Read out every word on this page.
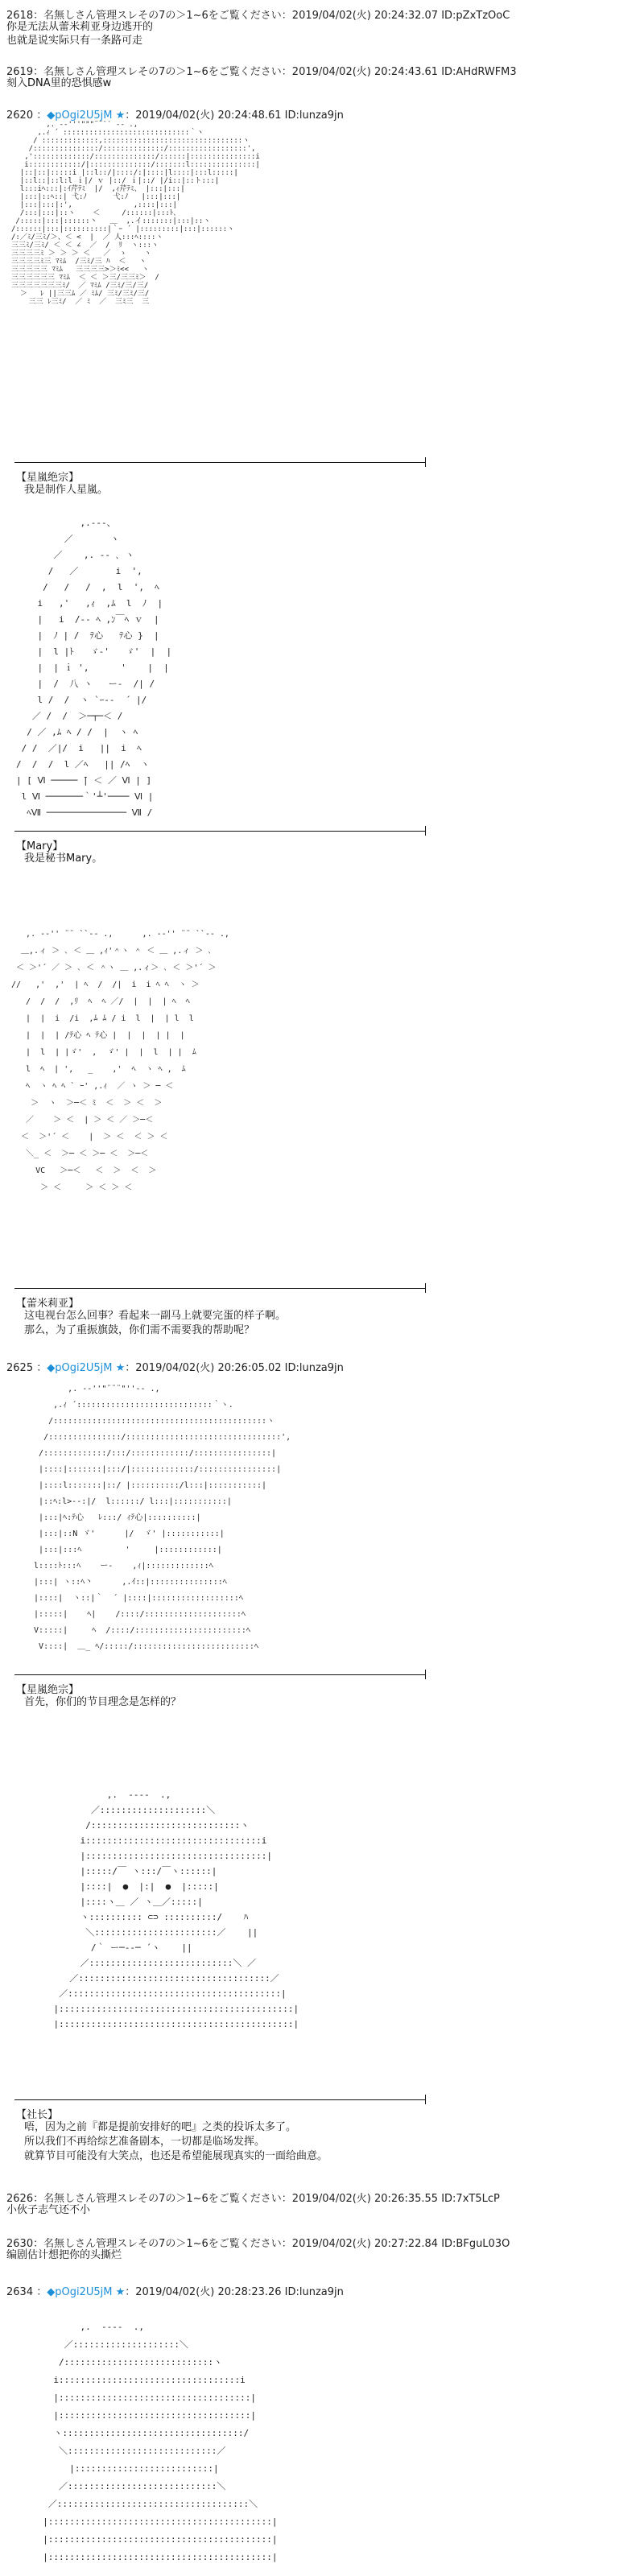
2618：名無しさん管理スレその7の＞1~6をご覧ください：2019/04/02(火) 20:24:32.07 ID:pZxTzOoC
你是无法从蕾米莉亚身边逃开的
也就是说实际只有一条路可走
2619：名無しさん管理スレその7の＞1~6をご覧ください：2019/04/02(火) 20:24:43.61 ID:AHdRWFM3
刻入DNA里的恐惧感w
2620 ：◆pOgi2U5jM ★：2019/04/02(火) 20:24:48.61 ID:lunza9jn
,. -‐'''"""¨¨`` ‐- .,
,.ｨ ´ :::::::::::::::::::::::::::::｀ヽ
/ :::::::::::::,::::::::::::::::::::::::::::::::ヽ
/:::::::::::::::/::::::::::::::/::::::::::::::::::',
,':::::::::::::/::::::::::::::/::::::|:::::::::::::::i
i::::::::::::/|::::::::::::::/:::::::l:::::::::::::::|
|::|::|:::::i |::l::/|::::/:|::::|l::::|:::l:::::|
|::l::|::l:l ｉ|/ ｖ |::/ ｉ|::/ |/i::|::ト:::|
l:::iﾍ:::|:ｲ芹ﾃﾐ  |/  ,ｨ芹ﾃﾐ、 |:::|:::|
|:::|::ﾍ::| 弋:ﾉ      弋:ﾉ   |:::|:::|
|:::|:::|:',              ,::::|:::|
/:::|:::|::ヽ    ＜     /::::::|:::ﾄ､
/:::::|:::|::::::丶   ＿  ,.イ:::::::|:::|::ヽ
/::::::|:::|::::::::::|｀ｰ ´ |:::::::::|:::|::::::ヽ
/:／ﾐ/三ﾐ/＞、＜ <  |  ／ 人:::ﾍ::::ヽ
三三ﾐ/三ﾐ/ ＜ ＜ ∠  ／  /  ﾘ  ヽ:::ヽ
三三三三ﾐ ＞ ＞ ＞ ＜   ／  ゝ    ヽ
三三三三ﾐ三 ﾏﾐﾑ  /三ﾐ/三 ﾊ  ＜   ヽ
三三三三三 ﾏﾐﾑ   三三三三>＞ﾐ<<   ヽ
三三三三三三 ﾏﾐﾑ  ＜ ＜ ＞三/三三ﾐ＞  /
三三三三三三三ﾐ/  ／ ﾏﾐﾑ /三ﾐ/三/三/
＞   ﾚ ||三三ﾑ ／ ﾐﾑ/ 三ﾐ/三ﾐ/三/
三三 ﾚ三ﾐ/  ／ ﾐ  ／  三ﾐ三  三
【星嵐绝宗】
我是制作人星嵐。
,.-‐-、
／       ヽ
／    ,. -‐ ､ ヽ
/   ／       i  ',
/   /   /  ,  l  ',  ﾍ
i   ,'   ,ｨ  ,ﾑ  l  ﾉ  |
|   i  /-‐ ﾍ ,ﾝ￣ﾍ ｖ  |
|  ﾉ | /  ﾃ心   ﾃ心 }  |
|  l |ﾄ   ゞ-'   ゞ'  |  |
|  | ｉ ',      '    |  |
|  /  八 ヽ   ー-  /| /
l /  /  ヽ `ｰ-‐  ´ |/
／ /  /  ＞─┬─＜ /
/ ／ ,ﾑ ﾍ / /  |  ヽ ﾍ
/ /  ／|/  i   ||  i  ﾍ
/  /  /  l ／ﾍ   || /ﾍ  ヽ
| [ Ⅵ ───── ̄| ＜ ／ Ⅵ | ]
l Ⅵ ───────｀'┴'──── Ⅵ |
ﾍⅦ ─────────────── Ⅶ /
【Mary】
我是秘书Mary。
,. -‐'' ¨¨ ``‐- .,      ,. -‐'' ¨¨ ``‐- .,
＿,.ィ ＞ ､ ＜ ＿ ,ｨ'＾ヽ ＾ ＜ ＿ ,.ィ ＞ ､
＜ ＞'´ ／ ＞ ､ ＜ ＾ヽ ＿ ,.ィ＞ ､ ＜ ＞'´ ＞
//   ,'  ,'  | ﾍ  /  /|  i  i ﾍ ﾍ  ヽ ＞
/  /  /  ,ﾘ  ﾍ  ﾍ ／/  |  |  | ﾍ  ﾍ
|  |  i  /i  ,ﾑ ﾑ / i  l  |  | l  l
|  |  | /ﾃ心 ﾍ ﾃ心 |  |  |  | |  |
|  l  | |ゞ'  ,  ゞ' |  |  l  | |  ﾑ
l  ﾍ  | ',   _    ,'  ﾍ  ヽ ﾍ ,  ﾑ
ﾍ  ヽ ﾍ ﾍ ` ｰ' ,.ｨ  ／ ヽ ＞ ─ ＜
＞  ヽ  ＞─＜ ﾐ  ＜  ＞ ＜  ＞
／    ＞ ＜  | ＞ ＜ ／ ＞─＜
＜  ＞'´ ＜    |  ＞ ＜  ＜ ＞ ＜
＼_ ＜  ＞─ ＜ ＞─ ＜  ＞─＜
VC   ＞─＜   ＜  ＞  ＜  ＞
＞ ＜     ＞ ＜ ＞ ＜
【蕾米莉亚】
这电视台怎么回事？看起来一副马上就要完蛋的样子啊。
那么，为了重振旗鼓，你们需不需要我的帮助呢？
2625 ：◆pOgi2U5jM ★：2019/04/02(火) 20:26:05.02 ID:lunza9jn
,. -‐''"¨¨¨"''‐- .,
,.ｨ ´::::::::::::::::::::::::::::｀ヽ.
/::::::::::::::::::::::::::::::::::::::::::::ヽ
/:::::::::::::::/::::::::::::::::::::::::::::::::',
/:::::::::::::/:::/::::::::::::/::::::::::::::::|
|::::|:::::::|:::/|:::::::::::::/::::::::::::::::|
|::::l:::::::|::/ |::::::::::/l:::|:::::::::::|
|::ﾍ:l>‐-:|/  l::::::/ l:::|:::::::::::|
|:::|ﾍ:ﾃ心   ﾚ:::/ ｨﾃ心|::::::::::|
|:::|::N ゞ'      |/  ゞ' |:::::::::::|
|:::|:::ﾍ         '     |::::::::::::|
l::::ﾄ:::ﾍ    ー-    ,ｨ|:::::::::::::ﾍ
|:::| ヽ::ﾍ丶      ,.ｲ::|:::::::::::::::ﾍ
|::::|  ヽ::|｀  ´ |::::|::::::::::::::::::ﾍ
|:::::|    ﾍ|    /::::/::::::::::::::::::::ﾍ
V:::::|     ﾍ  /::::/:::::::::::::::::::::::ﾍ
V::::|  ＿_ ﾍ/:::::/:::::::::::::::::::::::::ﾍ
【星嵐绝宗】
首先，你们的节目理念是怎样的？
,.  -‐‐-  .,
／::::::::::::::::::::＼
/::::::::::::::::::::::::::::ヽ
i:::::::::::::::::::::::::::::::::i
|::::::::::::::::::::::::::::::::::|
|:::::/￣ ヽ:::/￣ヽ::::::|
|::::|  ●  |:|  ●  |:::::|
|::::ヽ＿ ／ ヽ＿／:::::|
ヽ:::::::::: ⊂⊃ ::::::::::/    ﾊ
＼:::::::::::::::::::::::／    ||
/｀ ー─‐‐─ ´ヽ    ||
／:::::::::::::::::::::::::::＼ ／
／::::::::::::::::::::::::::::::::::::／
／::::::::::::::::::::::::::::::::::::::::|
|::::::::::::::::::::::::::::::::::::::::::::|
|::::::::::::::::::::::::::::::::::::::::::::|
【社长】
唔，因为之前『都是提前安排好的吧』之类的投诉太多了。
所以我们不再给综艺准备剧本，一切都是临场发挥。
就算节目可能没有大笑点，也还是希望能展现真实的一面给曲意。
2626：名無しさん管理スレその7の＞1~6をご覧ください：2019/04/02(火) 20:26:35.55 ID:7xT5LcP
小伙子志气还不小
2630：名無しさん管理スレその7の＞1~6をご覧ください：2019/04/02(火) 20:27:22.84 ID:BFguL03O
编剧估计想把你的头撕烂
2634 ：◆pOgi2U5jM ★：2019/04/02(火) 20:28:23.26 ID:lunza9jn
,.  -‐‐-  .,
／::::::::::::::::::::＼
/::::::::::::::::::::::::::::ヽ
i::::::::::::::::::::::::::::::::::i
|::::::::::::::::::::::::::::::::::::|
|::::::::::::::::::::::::::::::::::::|
ヽ::::::::::::::::::::::::::::::::::/
＼::::::::::::::::::::::::::::／
|::::::::::::::::::::::::::|
／::::::::::::::::::::::::::::＼
／::::::::::::::::::::::::::::::::::::＼
|::::::::::::::::::::::::::::::::::::::::::|
|::::::::::::::::::::::::::::::::::::::::::|
|::::::::::::::::::::::::::::::::::::::::::|
